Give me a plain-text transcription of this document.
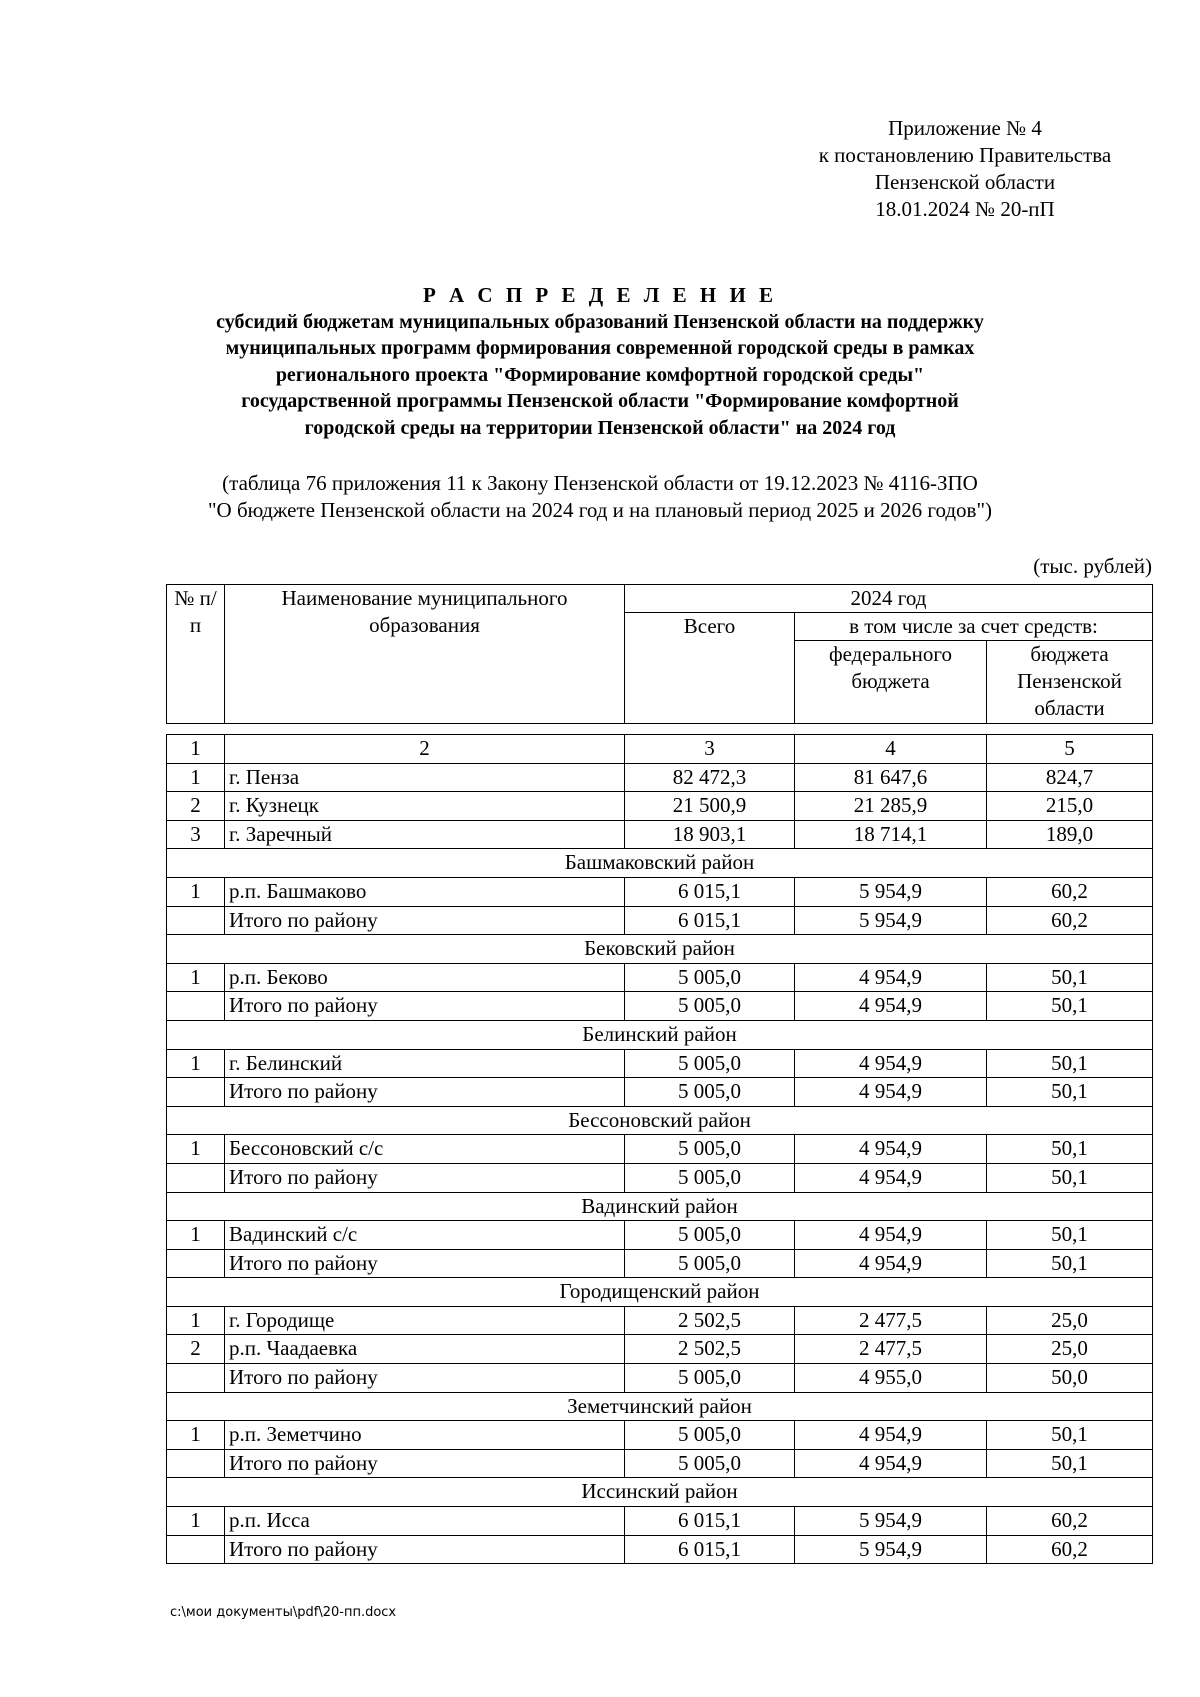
Приложение № 4
к постановлению Правительства
Пензенской области
18.01.2024 № 20-пП
Р А С П Р Е Д Е Л Е Н И Е
субсидий бюджетам муниципальных образований Пензенской области на поддержку
муниципальных программ формирования современной городской среды в рамках
регионального проекта "Формирование комфортной городской среды"
государственной программы Пензенской области "Формирование комфортной
городской среды на территории Пензенской области" на 2024 год
(таблица 76 приложения 11 к Закону Пензенской области от 19.12.2023 № 4116-ЗПО
"О бюджете Пензенской области на 2024 год и на плановый период 2025 и 2026 годов")
(тыс. рублей)
№ п/п	Наименование муниципального образования	2024 год		
		Всего	в том числе за счет средств:	
			федерального бюджета	бюджета Пензенской области
1	2	3	4	5
1	г. Пенза	82 472,3	81 647,6	824,7
2	г. Кузнецк	21 500,9	21 285,9	215,0
3	г. Заречный	18 903,1	18 714,1	189,0
Башмаковский район				
1	р.п. Башмаково	6 015,1	5 954,9	60,2
	Итого по району	6 015,1	5 954,9	60,2
Бековский район				
1	р.п. Беково	5 005,0	4 954,9	50,1
	Итого по району	5 005,0	4 954,9	50,1
Белинский район				
1	г. Белинский	5 005,0	4 954,9	50,1
	Итого по району	5 005,0	4 954,9	50,1
Бессоновский район				
1	Бессоновский с/с	5 005,0	4 954,9	50,1
	Итого по району	5 005,0	4 954,9	50,1
Вадинский район				
1	Вадинский с/с	5 005,0	4 954,9	50,1
	Итого по району	5 005,0	4 954,9	50,1
Городищенский район				
1	г. Городище	2 502,5	2 477,5	25,0
2	р.п. Чаадаевка	2 502,5	2 477,5	25,0
	Итого по району	5 005,0	4 955,0	50,0
Земетчинский район				
1	р.п. Земетчино	5 005,0	4 954,9	50,1
	Итого по району	5 005,0	4 954,9	50,1
Иссинский район				
1	р.п. Исса	6 015,1	5 954,9	60,2
	Итого по району	6 015,1	5 954,9	60,2
c:\мои документы\pdf\20-пп.docx
